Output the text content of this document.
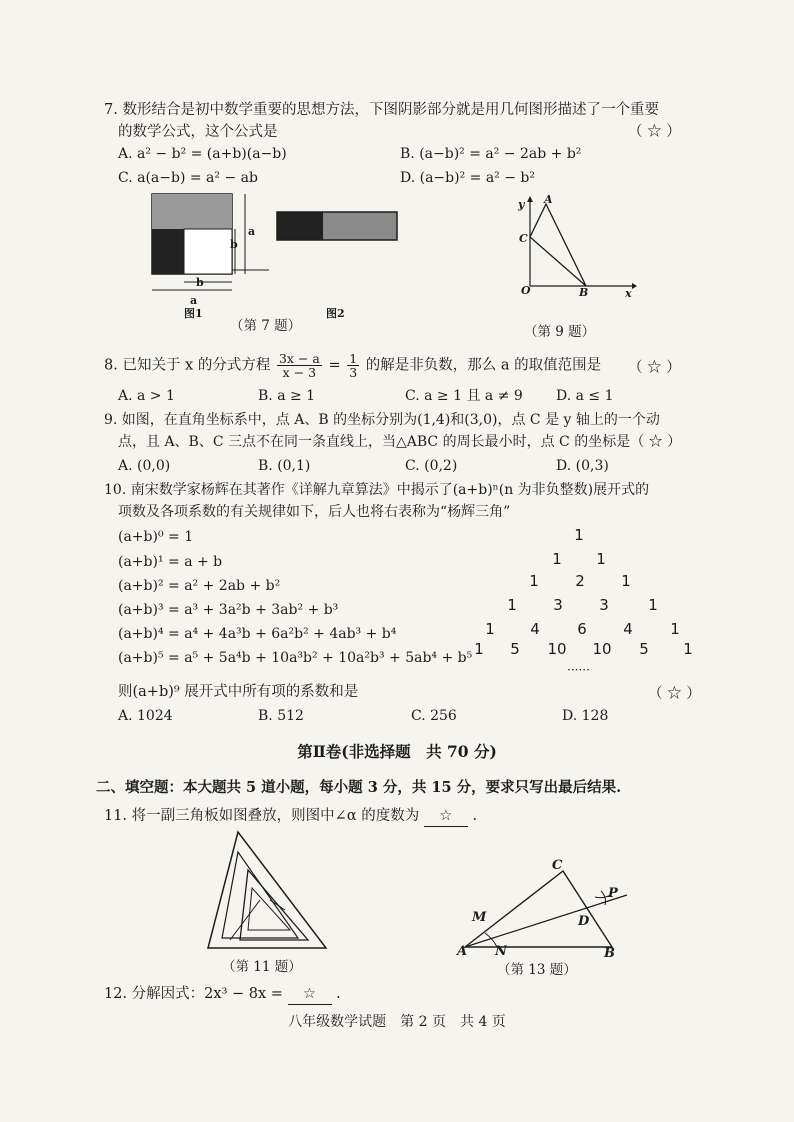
7. 数形结合是初中数学重要的思想方法，下图阴影部分就是用几何图形描述了一个重要
的数学公式，这个公式是	（ ☆ ）
A. a² − b² = (a+b)(a−b)	B. (a−b)² = a² − 2ab + b²
C. a(a−b) = a² − ab	D. (a−b)² = a² − b²
a
b
b
a
图1	图2
（第 7 题）
y
x
A
B
C
O
（第 9 题）
8. 已知关于 x 的分式方程 $\frac{3x - a}{x - 3} = \frac{1}{3}$ 的解是非负数，那么 a 的取值范围是 （ ☆ ）
A. a > 1	B. a ≥ 1	C. a ≥ 1 且 a ≠ 9 D. a ≤ 1
9. 如图，在直角坐标系中，点 A、B 的坐标分别为(1,4)和(3,0)，点 C 是 y 轴上的一个动
点，且 A、B、C 三点不在同一条直线上，当△ABC 的周长最小时，点 C 的坐标是（ ☆ ）
A. (0,0)	B. (0,1)	C. (0,2)	D. (0,3)
10. 南宋数学家杨辉在其著作《详解九章算法》中揭示了(a+b)ⁿ(n 为非负整数)展开式的
项数及各项系数的有关规律如下，后人也将右表称为“杨辉三角”
(a+b)⁰ = 1
(a+b)¹ = a + b
(a+b)² = a² + 2ab + b²
(a+b)³ = a³ + 3a²b + 3ab² + b³
(a+b)⁴ = a⁴ + 4a³b + 6a²b² + 4ab³ + b⁴
(a+b)⁵ = a⁵ + 5a⁴b + 10a³b² + 10a²b³ + 5ab⁴ + b⁵
1
1 1
1 2 1
1 3 3	1
1 4 6 4 1
1 5 10 10 5 1
······
则(a+b)⁹ 展开式中所有项的系数和是	（ ☆ ）
A. 1024	B. 512	C. 256	D. 128
第Ⅱ卷(非选择题　共 70 分)
二、填空题：本大题共 5 道小题，每小题 3 分，共 15 分，要求只写出最后结果.
11. 将一副三角板如图叠放，则图中∠α 的度数为 ☆ .
（第 11 题）
C
P
M	D
A N	B
（第 13 题）
12. 分解因式：2x³ − 8x = ☆ .
八年级数学试题　第 2 页　共 4 页
